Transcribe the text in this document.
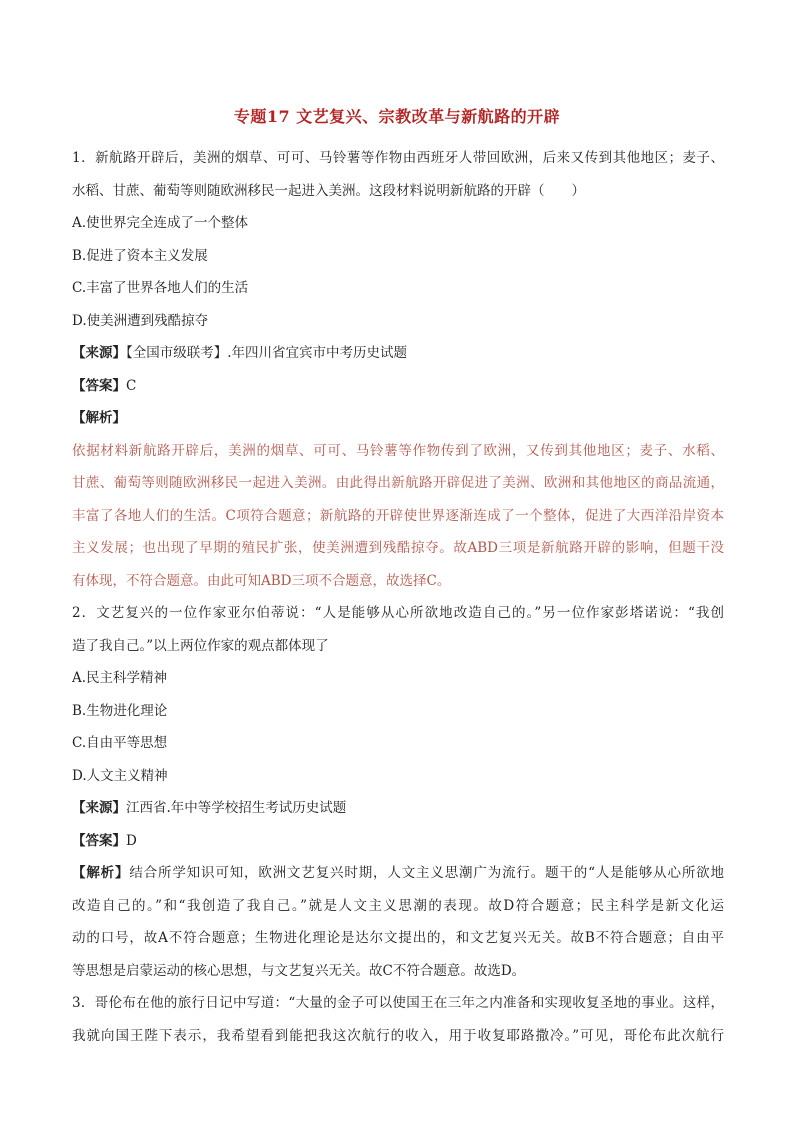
专题17 文艺复兴、宗教改革与新航路的开辟
1．新航路开辟后，美洲的烟草、可可、马铃薯等作物由西班牙人带回欧洲，后来又传到其他地区；麦子、
水稻、甘蔗、葡萄等则随欧洲移民一起进入美洲。这段材料说明新航路的开辟（　　）
A.使世界完全连成了一个整体
B.促进了资本主义发展
C.丰富了世界各地人们的生活
D.使美洲遭到残酷掠夺
【来源】【全国市级联考】.年四川省宜宾市中考历史试题
【答案】C
【解析】
依据材料新航路开辟后，美洲的烟草、可可、马铃薯等作物传到了欧洲，又传到其他地区；麦子、水稻、
甘蔗、葡萄等则随欧洲移民一起进入美洲。由此得出新航路开辟促进了美洲、欧洲和其他地区的商品流通，
丰富了各地人们的生活。C项符合题意；新航路的开辟使世界逐渐连成了一个整体，促进了大西洋沿岸资本
主义发展；也出现了早期的殖民扩张，使美洲遭到残酷掠夺。故ABD三项是新航路开辟的影响，但题干没
有体现，不符合题意。由此可知ABD三项不合题意，故选择C。
2．文艺复兴的一位作家亚尔伯蒂说：“人是能够从心所欲地改造自己的。”另一位作家彭塔诺说：“我创
造了我自己。”以上两位作家的观点都体现了
A.民主科学精神
B.生物进化理论
C.自由平等思想
D.人文主义精神
【来源】江西省.年中等学校招生考试历史试题
【答案】D
【解析】结合所学知识可知，欧洲文艺复兴时期，人文主义思潮广为流行。题干的“人是能够从心所欲地
改造自己的。”和“我创造了我自己。”就是人文主义思潮的表现。故D符合题意；民主科学是新文化运
动的口号，故A不符合题意；生物进化理论是达尔文提出的，和文艺复兴无关。故B不符合题意；自由平
等思想是启蒙运动的核心思想，与文艺复兴无关。故C不符合题意。故选D。
3．哥伦布在他的旅行日记中写道：“大量的金子可以使国王在三年之内准备和实现收复圣地的事业。这样，
我就向国王陛下表示，我希望看到能把我这次航行的收入，用于收复耶路撒冷。”可见，哥伦布此次航行
